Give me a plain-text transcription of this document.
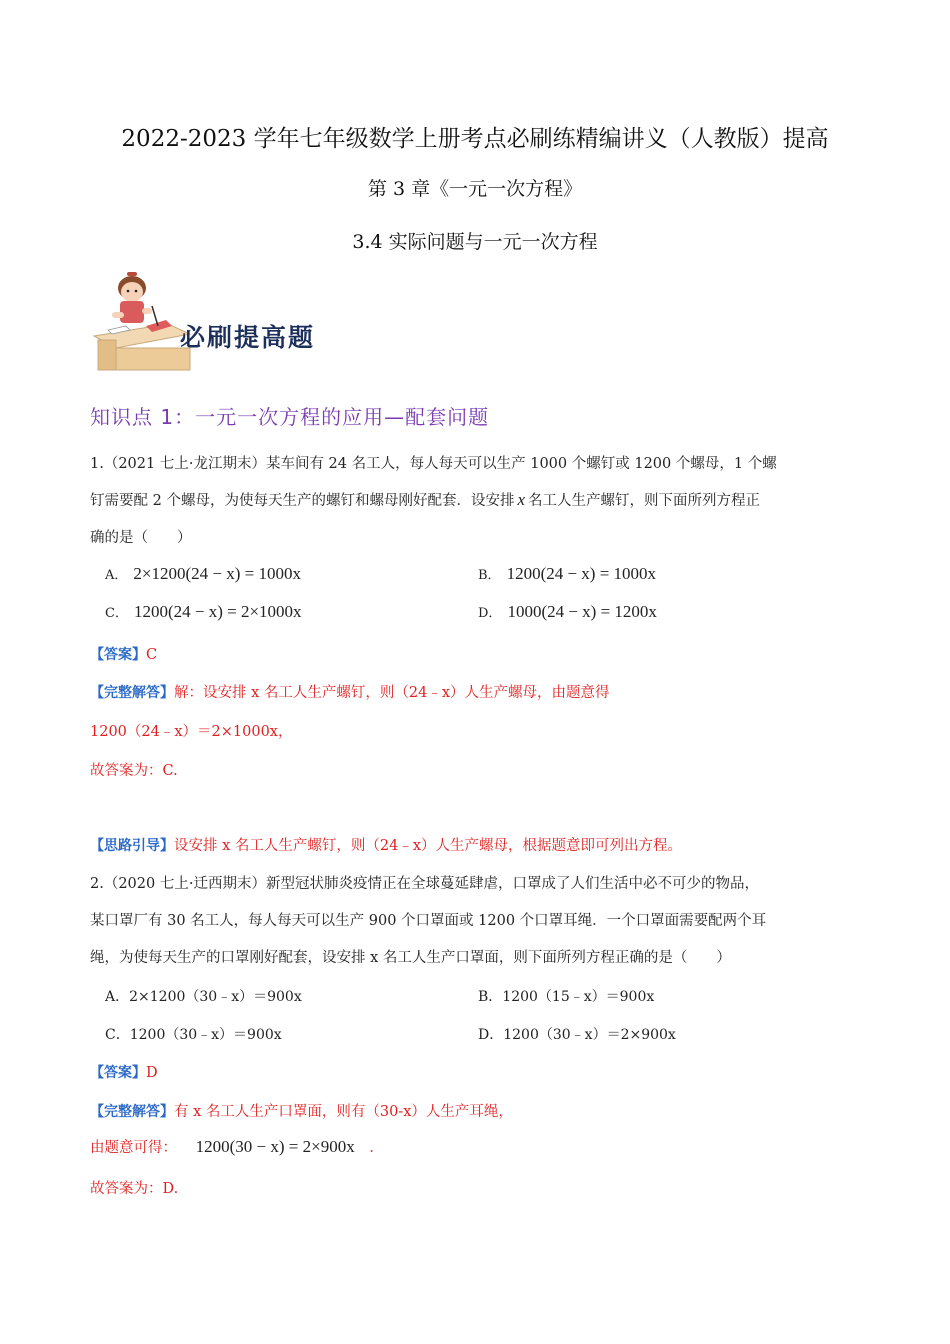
2022-2023 学年七年级数学上册考点必刷练精编讲义（人教版）提高
第 3 章《一元一次方程》
3.4 实际问题与一元一次方程
必刷提高题
知识点 1：一元一次方程的应用—配套问题
1.（2021 七上·龙江期末）某车间有 24 名工人，每人每天可以生产 1000 个螺钉或 1200 个螺母，1 个螺
钉需要配 2 个螺母，为使每天生产的螺钉和螺母刚好配套．设安排 x 名工人生产螺钉，则下面所列方程正
确的是（　　）
A． 2×1200(24 − x) = 1000x	B． 1200(24 − x) = 1000x
C． 1200(24 − x) = 2×1000x	D． 1000(24 − x) = 1200x
【答案】C
【完整解答】解：设安排 x 名工人生产螺钉，则（24﹣x）人生产螺母，由题意得
1200（24﹣x）＝2×1000x，
故答案为：C.
【思路引导】设安排 x 名工人生产螺钉，则（24﹣x）人生产螺母，根据题意即可列出方程。
2.（2020 七上·迁西期末）新型冠状肺炎疫情正在全球蔓延肆虐，口罩成了人们生活中必不可少的物品，
某口罩厂有 30 名工人，每人每天可以生产 900 个口罩面或 1200 个口罩耳绳．一个口罩面需要配两个耳
绳，为使每天生产的口罩刚好配套，设安排 x 名工人生产口罩面，则下面所列方程正确的是（　　）
A．2×1200（30﹣x）＝900x	B．1200（15﹣x）＝900x
C．1200（30﹣x）＝900x	D．1200（30﹣x）＝2×900x
【答案】D
【完整解答】有 x 名工人生产口罩面，则有（30-x）人生产耳绳，
由题意可得： 1200(30 − x) = 2×900x ．
故答案为：D.
